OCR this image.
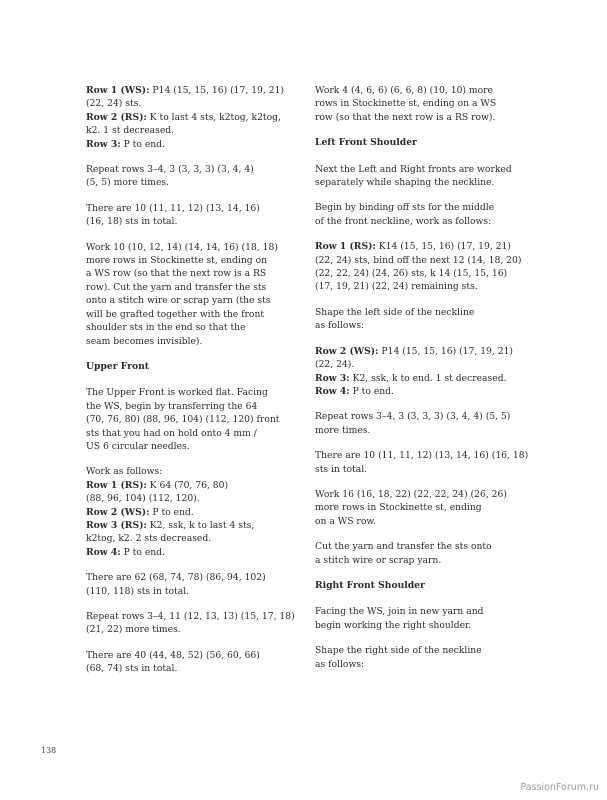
Row 1 (WS): P14 (15, 15, 16) (17, 19, 21)
(22, 24) sts.
Row 2 (RS): K to last 4 sts, k2tog, k2tog,
k2. 1 st decreased.
Row 3: P to end.
Repeat rows 3–4, 3 (3, 3, 3) (3, 4, 4)
(5, 5) more times.
There are 10 (11, 11, 12) (13, 14, 16)
(16, 18) sts in total.
Work 10 (10, 12, 14) (14, 14, 16) (18, 18)
more rows in Stockinette st, ending on
a WS row (so that the next row is a RS
row). Cut the yarn and transfer the sts
onto a stitch wire or scrap yarn (the sts
will be grafted together with the front
shoulder sts in the end so that the
seam becomes invisible).
Upper Front
The Upper Front is worked flat. Facing
the WS, begin by transferring the 64
(70, 76, 80) (88, 96, 104) (112, 120) front
sts that you had on hold onto 4 mm /
US 6 circular needles.
Work as follows:
Row 1 (RS): K 64 (70, 76, 80)
(88, 96, 104) (112, 120).
Row 2 (WS): P to end.
Row 3 (RS): K2, ssk, k to last 4 sts,
k2tog, k2. 2 sts decreased.
Row 4: P to end.
There are 62 (68, 74, 78) (86, 94, 102)
(110, 118) sts in total.
Repeat rows 3–4, 11 (12, 13, 13) (15, 17, 18)
(21, 22) more times.
There are 40 (44, 48, 52) (56, 60, 66)
(68, 74) sts in total.
Work 4 (4, 6, 6) (6, 6, 8) (10, 10) more
rows in Stockinette st, ending on a WS
row (so that the next row is a RS row).
Left Front Shoulder
Next the Left and Right fronts are worked
separately while shaping the neckline.
Begin by binding off sts for the middle
of the front neckline, work as follows:
Row 1 (RS): K14 (15, 15, 16) (17, 19, 21)
(22, 24) sts, bind off the next 12 (14, 18, 20)
(22, 22, 24) (24, 26) sts, k 14 (15, 15, 16)
(17, 19, 21) (22, 24) remaining sts.
Shape the left side of the neckline
as follows:
Row 2 (WS): P14 (15, 15, 16) (17, 19, 21)
(22, 24).
Row 3: K2, ssk, k to end. 1 st decreased.
Row 4: P to end.
Repeat rows 3–4, 3 (3, 3, 3) (3, 4, 4) (5, 5)
more times.
There are 10 (11, 11, 12) (13, 14, 16) (16, 18)
sts in total.
Work 16 (16, 18, 22) (22, 22, 24) (26, 26)
more rows in Stockinette st, ending
on a WS row.
Cut the yarn and transfer the sts onto
a stitch wire or scrap yarn.
Right Front Shoulder
Facing the WS, join in new yarn and
begin working the right shoulder.
Shape the right side of the neckline
as follows:
138
PassionForum.ru
